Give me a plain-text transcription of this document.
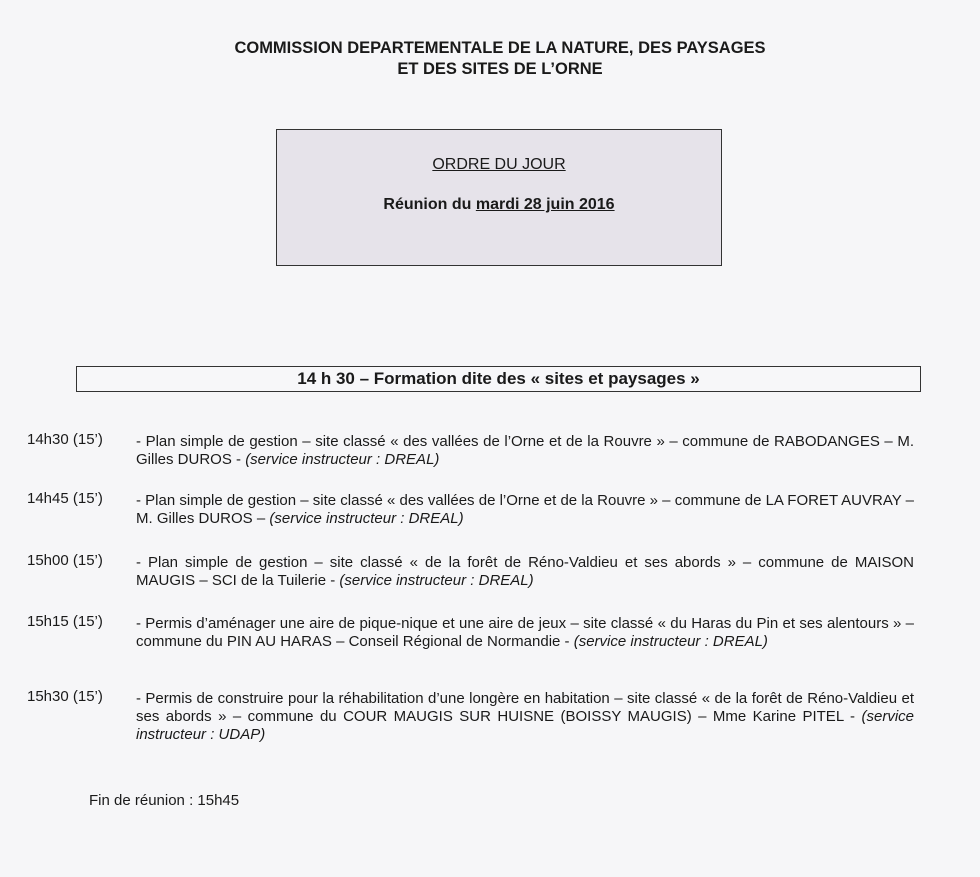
COMMISSION DEPARTEMENTALE DE LA NATURE, DES PAYSAGES
ET DES SITES DE L’ORNE
ORDRE DU JOUR
Réunion du mardi 28 juin 2016
14 h 30 – Formation dite des « sites et paysages »
14h30 (15’) - Plan simple de gestion – site classé « des vallées de l’Orne et de la Rouvre » – commune de RABODANGES – M. Gilles DUROS - (service instructeur : DREAL)
14h45 (15’) - Plan simple de gestion – site classé « des vallées de l’Orne et de la Rouvre » – commune de LA FORET AUVRAY – M. Gilles DUROS – (service instructeur : DREAL)
15h00 (15’) - Plan simple de gestion – site classé « de la forêt de Réno-Valdieu et ses abords » – commune de MAISON MAUGIS – SCI de la Tuilerie - (service instructeur : DREAL)
15h15 (15’) - Permis d’aménager une aire de pique-nique et une aire de jeux – site classé « du Haras du Pin et ses alentours » – commune du PIN AU HARAS – Conseil Régional de Normandie - (service instructeur : DREAL)
15h30 (15’) - Permis de construire pour la réhabilitation d’une longère en habitation – site classé « de la forêt de Réno-Valdieu et ses abords » – commune du COUR MAUGIS SUR HUISNE (BOISSY MAUGIS) – Mme Karine PITEL - (service instructeur : UDAP)
Fin de réunion : 15h45
